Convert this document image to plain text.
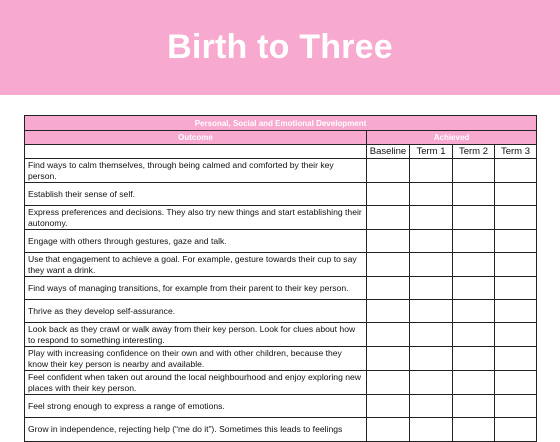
Birth to Three
Personal, Social and Emotional Development				
Outcome	Achieved			
	Baseline	Term 1	Term 2	Term 3
Find ways to calm themselves, through being calmed and comforted by their key person.				
Establish their sense of self.				
Express preferences and decisions. They also try new things and start establishing their autonomy.				
Engage with others through gestures, gaze and talk.				
Use that engagement to achieve a goal. For example, gesture towards their cup to say they want a drink.				
Find ways of managing transitions, for example from their parent to their key person.				
Thrive as they develop self-assurance.				
Look back as they crawl or walk away from their key person. Look for clues about how to respond to something interesting.				
Play with increasing confidence on their own and with other children, because they know their key person is nearby and available.				
Feel confident when taken out around the local neighbourhood and enjoy exploring new places with their key person.				
Feel strong enough to express a range of emotions.				
Grow in independence, rejecting help (“me do it”). Sometimes this leads to feelings				
